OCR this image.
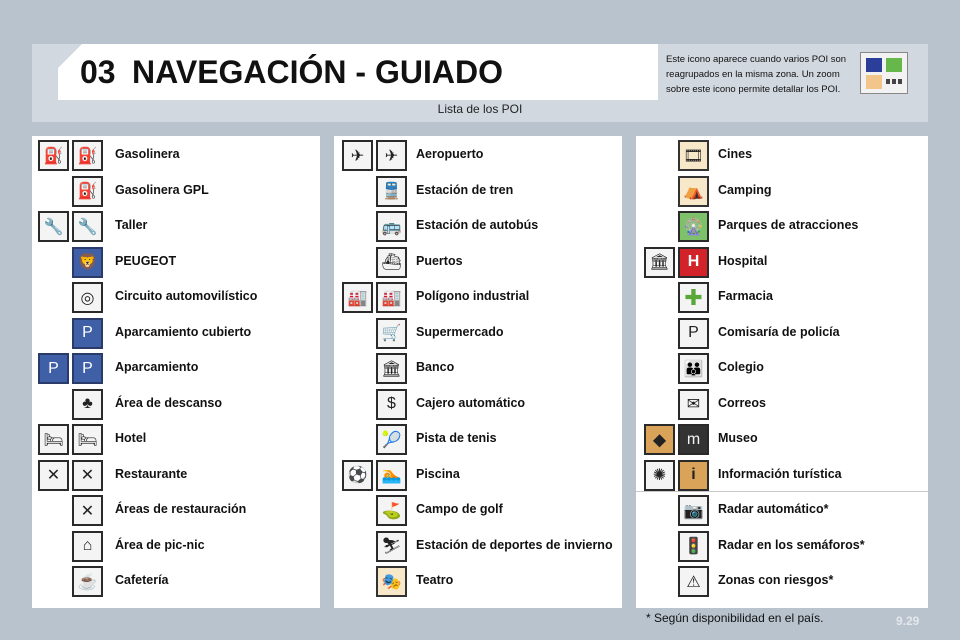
03 NAVEGACIÓN - GUIADO
Lista de los POI
Este icono aparece cuando varios POI son reagrupados en la misma zona. Un zoom sobre este icono permite detallar los POI.
⛽ ⛽	Gasolinera
⛽	Gasolinera GPL
🔧 🔧	Taller
🦁	PEUGEOT
◎	Circuito automovilístico
P	Aparcamiento cubierto
P	P	Aparcamiento
♣	Área de descanso
🛏 🛏	Hotel
✕	✕	Restaurante
✕	Áreas de restauración
⌂	Área de pic-nic
☕	Cafetería
✈	✈	Aeropuerto
🚆	Estación de tren
🚌	Estación de autobús
⛴	Puertos
🏭 🏭	Polígono industrial
🛒	Supermercado
🏛	Banco
$	Cajero automático
🎾	Pista de tenis
⚽ 🏊	Piscina
⛳	Campo de golf
⛷	Estación de deportes de invierno
🎭	Teatro
🎞	Cines
⛺	Camping
🎡	Parques de atracciones
🏛	H	Hospital
✚	Farmacia
P	Comisaría de policía
👪	Colegio
✉	Correos
◆	m	Museo
✺	i	Información turística
📷	Radar automático*
🚦	Radar en los semáforos*
⚠	Zonas con riesgos*
* Según disponibilidad en el país.	9.29
